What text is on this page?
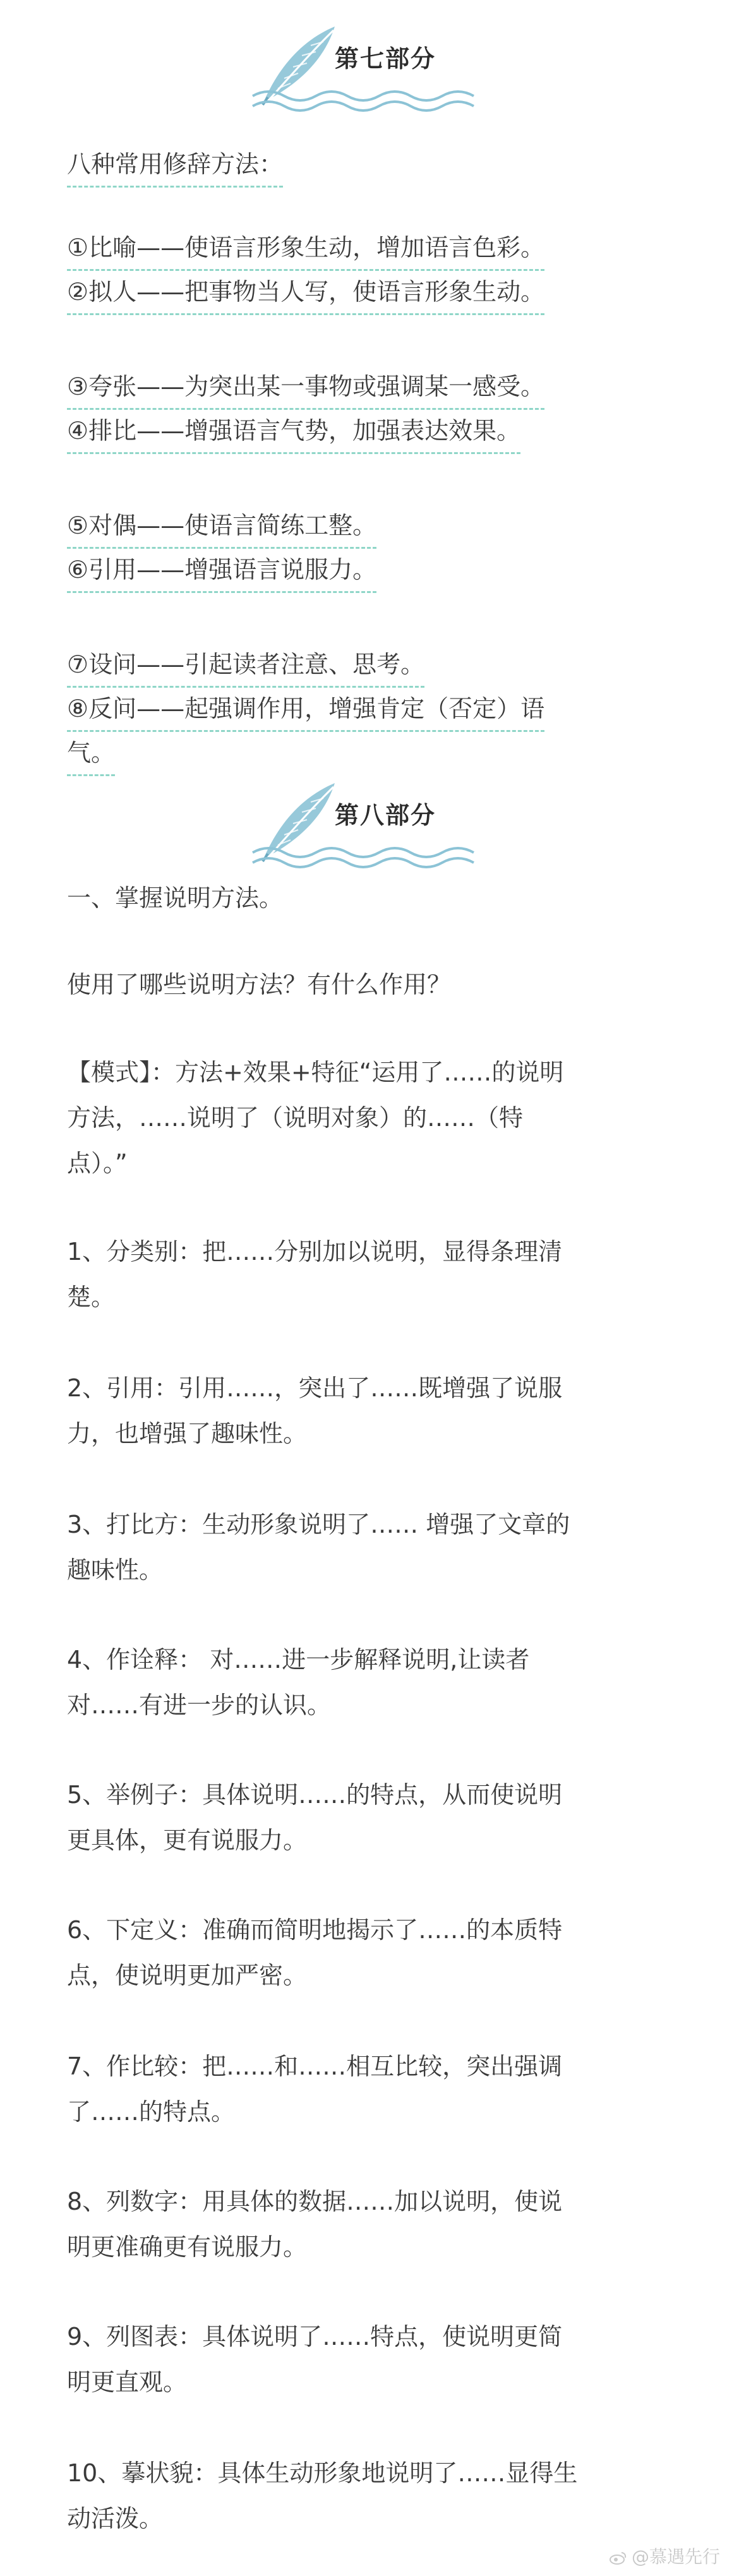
第七部分
八种常用修辞方法：
①比喻——使语言形象生动，增加语言色彩。
②拟人——把事物当人写，使语言形象生动。
③夸张——为突出某一事物或强调某一感受。
④排比——增强语言气势，加强表达效果。
⑤对偶——使语言简练工整。
⑥引用——增强语言说服力。
⑦设问——引起读者注意、思考。
⑧反问——起强调作用，增强肯定（否定）语
气。
第八部分
一、掌握说明方法。
使用了哪些说明方法？有什么作用？
【模式】：方法+效果+特征“运用了……的说明
方法，……说明了（说明对象）的……（特
点）。”
1、分类别：把……分别加以说明，显得条理清
楚。
2、引用：引用……，突出了……既增强了说服
力，也增强了趣味性。
3、打比方：生动形象说明了…… 增强了文章的
趣味性。
4、作诠释： 对……进一步解释说明,让读者
对……有进一步的认识。
5、举例子：具体说明……的特点，从而使说明
更具体，更有说服力。
6、下定义：准确而简明地揭示了……的本质特
点，使说明更加严密。
7、作比较：把……和……相互比较，突出强调
了……的特点。
8、列数字：用具体的数据……加以说明，使说
明更准确更有说服力。
9、列图表：具体说明了……特点，使说明更简
明更直观。
10、摹状貌：具体生动形象地说明了……显得生
动活泼。
@慕遇先行
